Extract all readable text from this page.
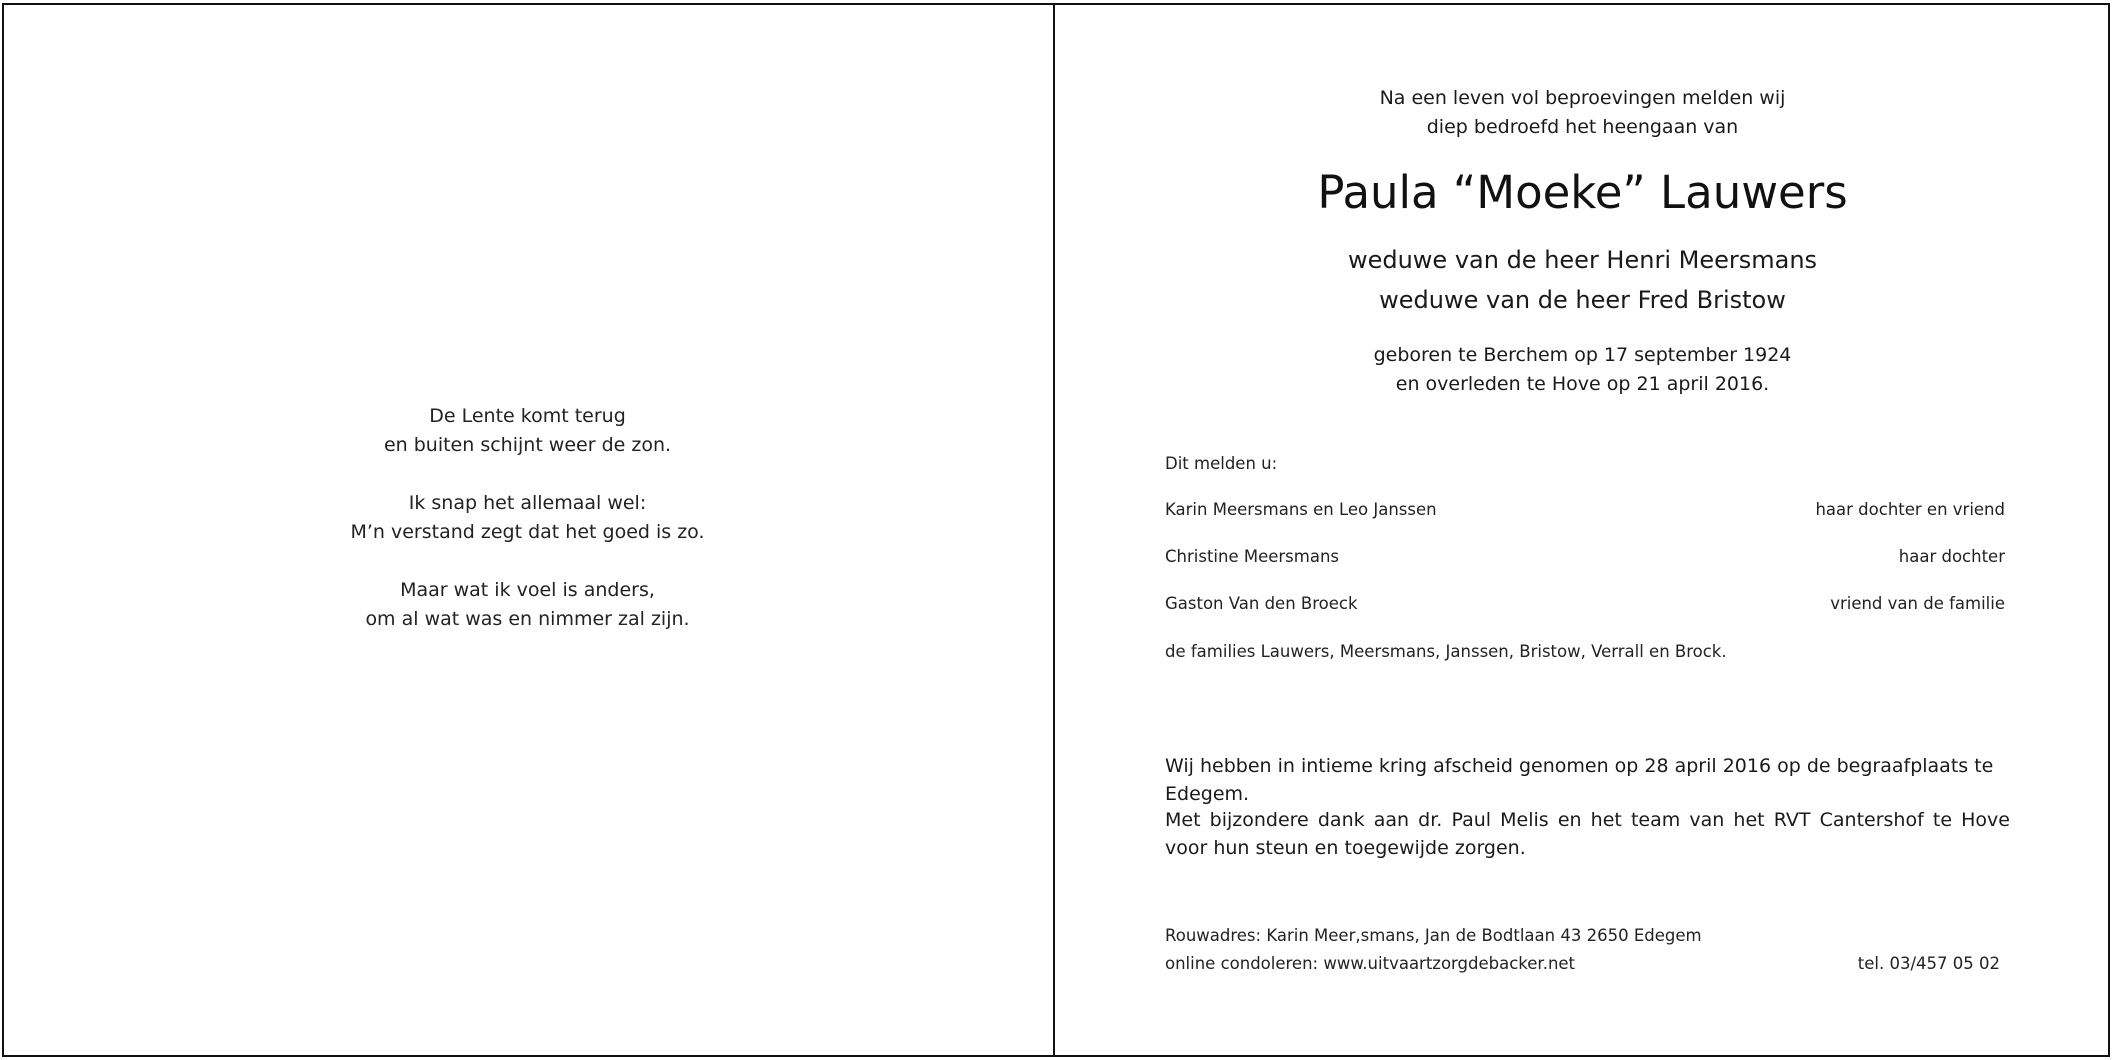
De Lente komt terug
en buiten schijnt weer de zon.
Ik snap het allemaal wel:
M’n verstand zegt dat het goed is zo.
Maar wat ik voel is anders,
om al wat was en nimmer zal zijn.
Na een leven vol beproevingen melden wij
diep bedroefd het heengaan van
Paula “Moeke” Lauwers
weduwe van de heer Henri Meersmans
weduwe van de heer Fred Bristow
geboren te Berchem op 17 september 1924
en overleden te Hove op 21 april 2016.
Dit melden u:
Karin Meersmans en Leo Janssen	haar dochter en vriend
Christine Meersmans	haar dochter
Gaston Van den Broeck	vriend van de familie
de families Lauwers, Meersmans, Janssen, Bristow, Verrall en Brock.
Wij hebben in intieme kring afscheid genomen op 28 april 2016 op de begraafplaats te Edegem.
Met bijzondere dank aan dr. Paul Melis en het team van het RVT Cantershof te Hove voor hun steun en toegewijde zorgen.
Rouwadres: Karin Meer,smans, Jan de Bodtlaan 43 2650 Edegem
online condoleren: www.uitvaartzorgdebacker.net	tel. 03/457 05 02
